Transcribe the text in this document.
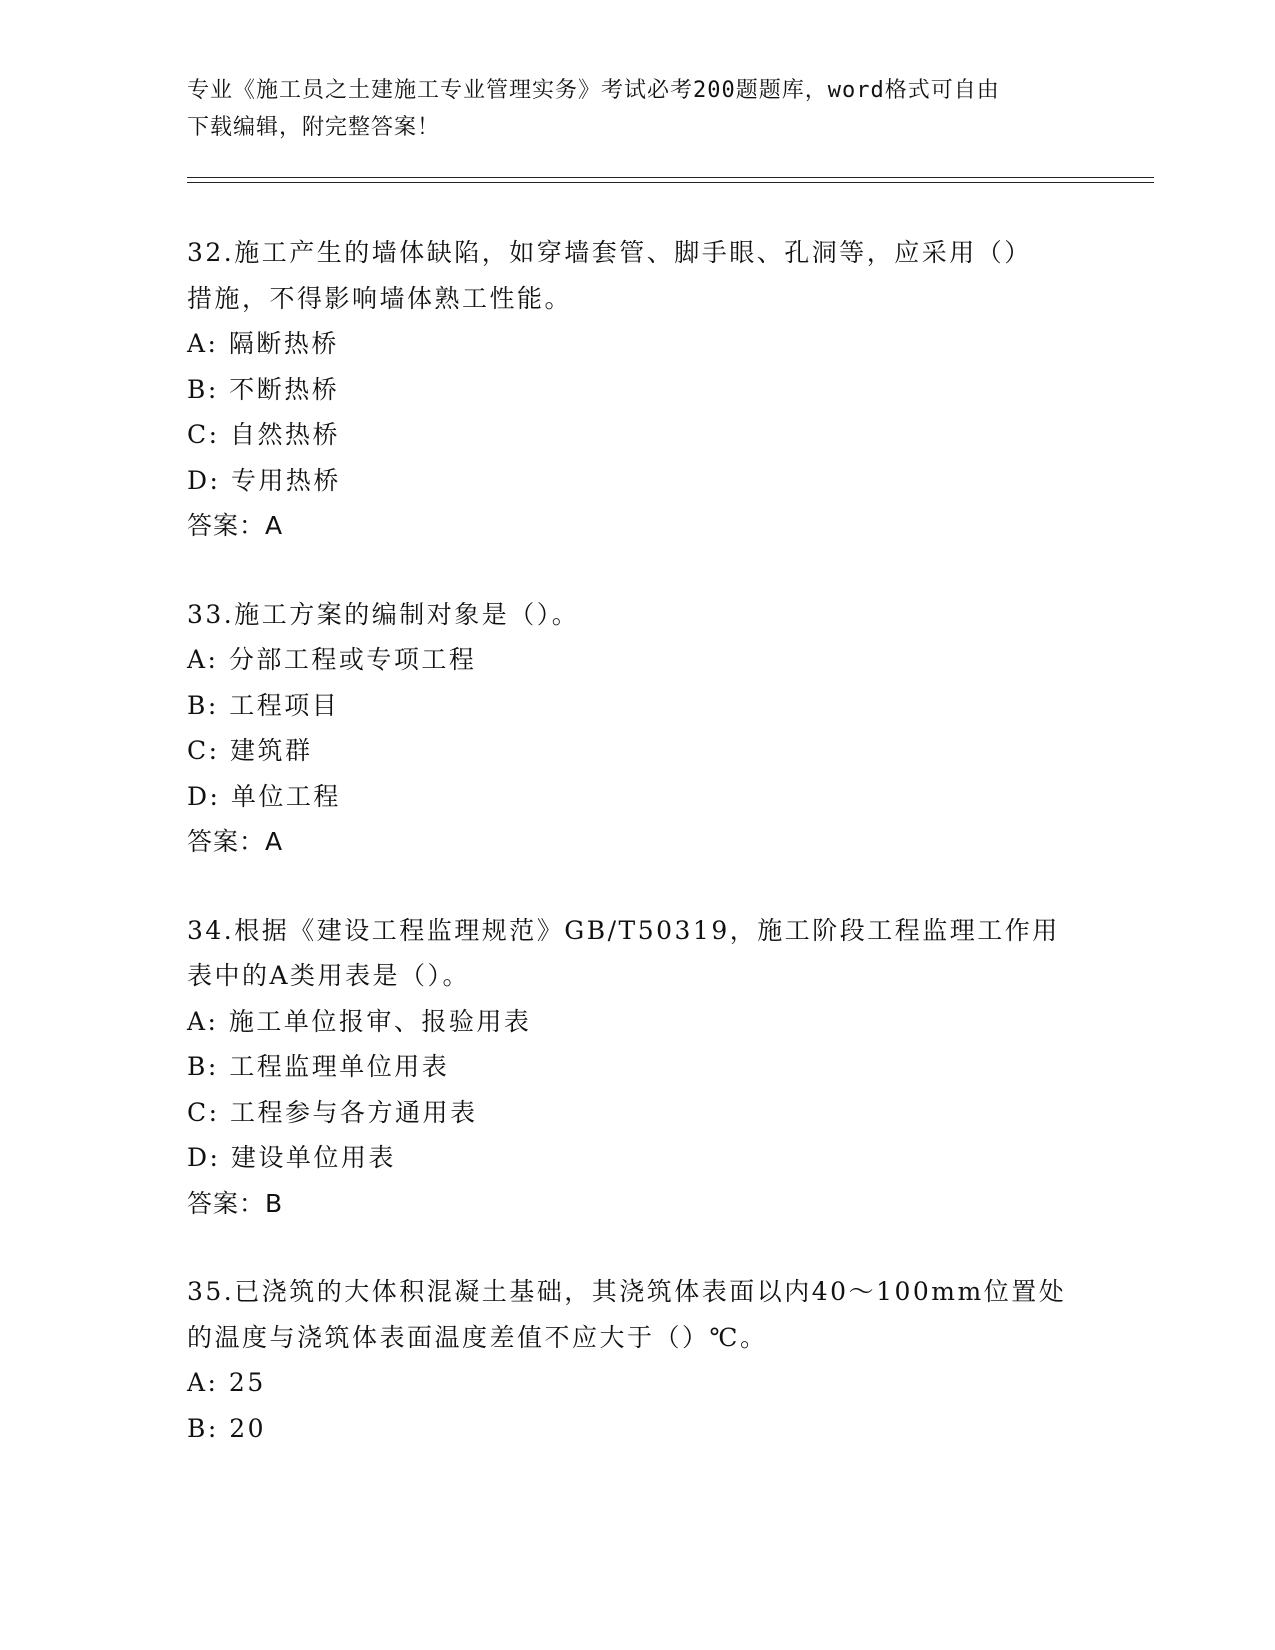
专业《施工员之土建施工专业管理实务》考试必考200题题库，word格式可自由
下载编辑，附完整答案！
32.施工产生的墙体缺陷，如穿墙套管、脚手眼、孔洞等，应采用（）
措施，不得影响墙体熟工性能。
A: 隔断热桥
B: 不断热桥
C: 自然热桥
D: 专用热桥
答案：A
33.施工方案的编制对象是（）。
A: 分部工程或专项工程
B: 工程项目
C: 建筑群
D: 单位工程
答案：A
34.根据《建设工程监理规范》GB/T50319，施工阶段工程监理工作用
表中的A类用表是（）。
A: 施工单位报审、报验用表
B: 工程监理单位用表
C: 工程参与各方通用表
D: 建设单位用表
答案：B
35.已浇筑的大体积混凝土基础，其浇筑体表面以内40～100mm位置处
的温度与浇筑体表面温度差值不应大于（）℃。
A: 25
B: 20
